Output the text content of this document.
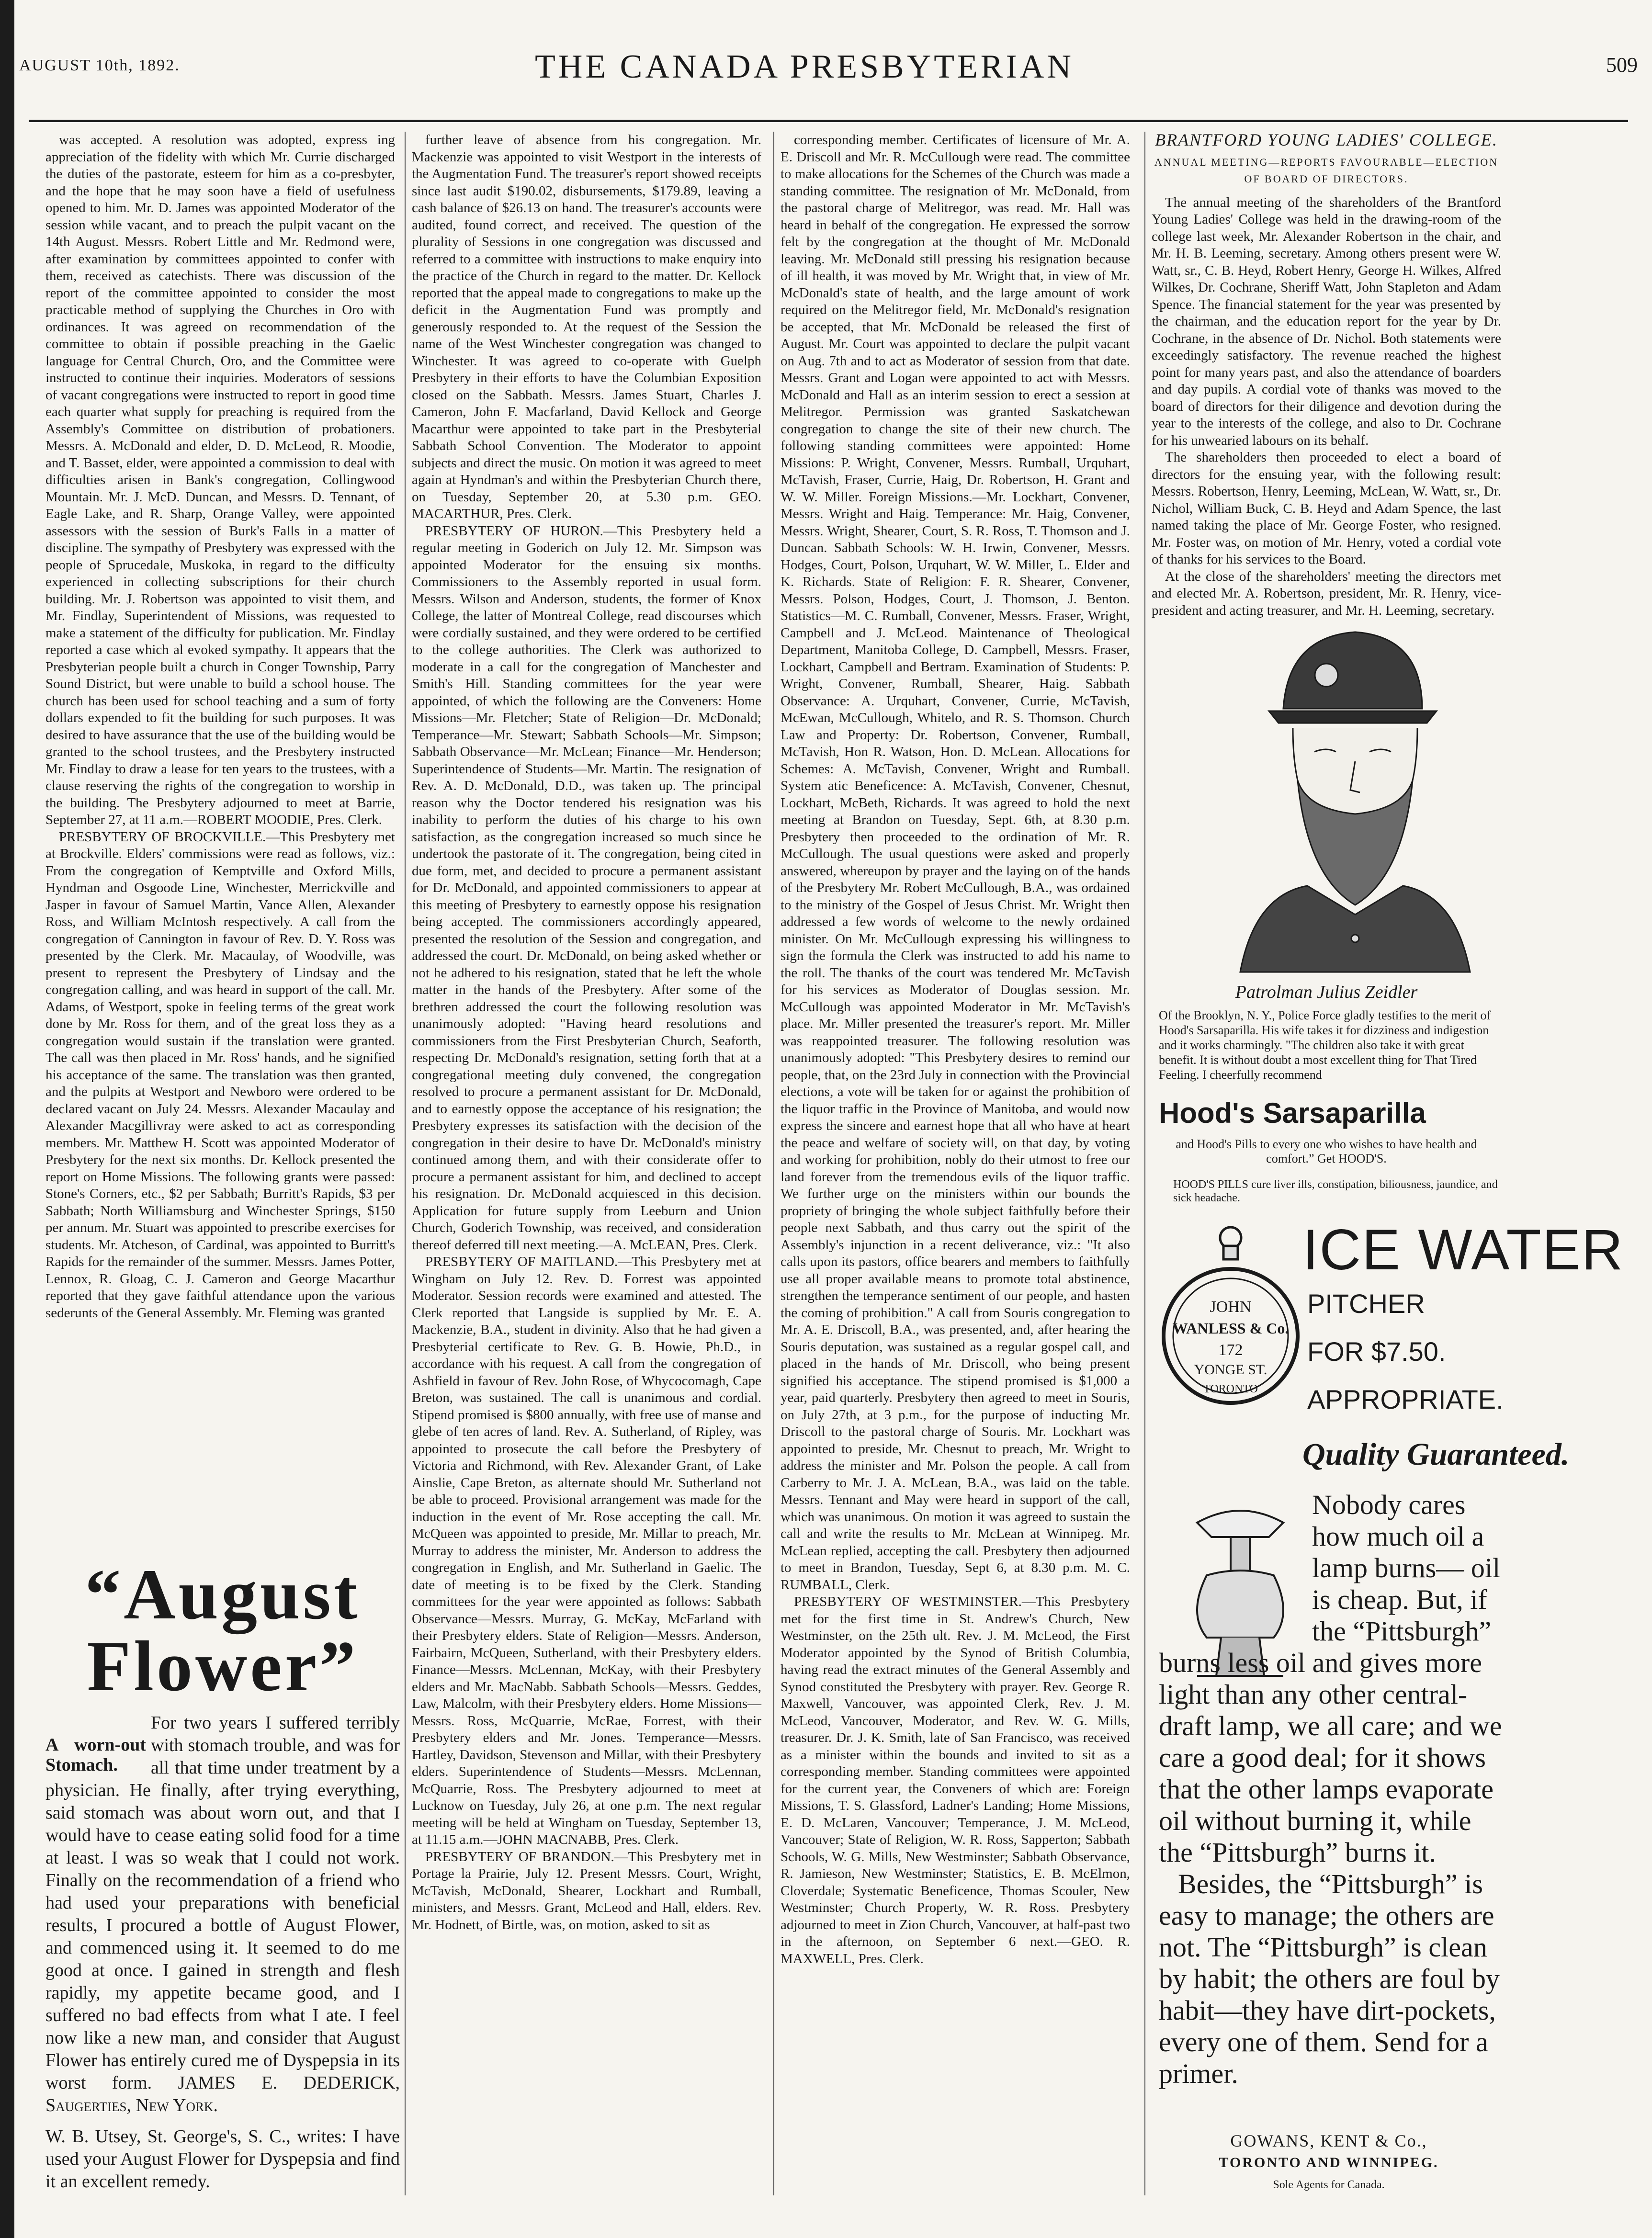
AUGUST 10th, 1892.	THE CANADA PRESBYTERIAN	509

was accepted. A resolution was adopted, express ing appreciation of the fidelity with which Mr. Currie discharged the duties of the pastorate, esteem for him as a co-presbyter, and the hope that he may soon have a field of usefulness opened to him. Mr. D. James was appointed Moderator of the session while vacant, and to preach the pulpit vacant on the 14th August. Messrs. Robert Little and Mr. Redmond were, after examination by committees appointed to confer with them, received as catechists. There was discussion of the report of the committee appointed to consider the most practicable method of supplying the Churches in Oro with ordinances. It was agreed on recommendation of the committee to obtain if possible preaching in the Gaelic language for Central Church, Oro, and the Committee were instructed to continue their inquiries. Moderators of sessions of vacant congregations were instructed to report in good time each quarter what supply for preaching is required from the Assembly's Committee on distribution of probationers. Messrs. A. McDonald and elder, D. D. McLeod, R. Moodie, and T. Basset, elder, were appointed a commission to deal with difficulties arisen in Bank's congregation, Collingwood Mountain. Mr. J. McD. Duncan, and Messrs. D. Tennant, of Eagle Lake, and R. Sharp, Orange Valley, were appointed assessors with the session of Burk's Falls in a matter of discipline. The sympathy of Presbytery was expressed with the people of Sprucedale, Muskoka, in regard to the difficulty experienced in collecting subscriptions for their church building. Mr. J. Robertson was appointed to visit them, and Mr. Findlay, Superintendent of Missions, was requested to make a statement of the difficulty for publication. Mr. Findlay reported a case which al evoked sympathy. It appears that the Presbyterian people built a church in Conger Township, Parry Sound District, but were unable to build a school house. The church has been used for school teaching and a sum of forty dollars expended to fit the building for such purposes. It was desired to have assurance that the use of the building would be granted to the school trustees, and the Presbytery instructed Mr. Findlay to draw a lease for ten years to the trustees, with a clause reserving the rights of the congregation to worship in the building. The Presbytery adjourned to meet at Barrie, September 27, at 11 a.m.—ROBERT MOODIE, Pres. Clerk.

PRESBYTERY OF BROCKVILLE.—This Presbytery met at Brockville. Elders' commissions were read as follows, viz.: From the congregation of Kemptville and Oxford Mills, Hyndman and Osgoode Line, Winchester, Merrickville and Jasper in favour of Samuel Martin, Vance Allen, Alexander Ross, and William McIntosh respectively. A call from the congregation of Cannington in favour of Rev. D. Y. Ross was presented by the Clerk. Mr. Macaulay, of Woodville, was present to represent the Presbytery of Lindsay and the congregation calling, and was heard in support of the call. Mr. Adams, of Westport, spoke in feeling terms of the great work done by Mr. Ross for them, and of the great loss they as a congregation would sustain if the translation were granted. The call was then placed in Mr. Ross' hands, and he signified his acceptance of the same. The translation was then granted, and the pulpits at Westport and Newboro were ordered to be declared vacant on July 24. Messrs. Alexander Macaulay and Alexander Macgillivray were asked to act as corresponding members. Mr. Matthew H. Scott was appointed Moderator of Presbytery for the next six months. Dr. Kellock presented the report on Home Missions. The following grants were passed: Stone's Corners, etc., $2 per Sabbath; Burritt's Rapids, $3 per Sabbath; North Williamsburg and Winchester Springs, $150 per annum. Mr. Stuart was appointed to prescribe exercises for students. Mr. Atcheson, of Cardinal, was appointed to Burritt's Rapids for the remainder of the summer. Messrs. James Potter, Lennox, R. Gloag, C. J. Cameron and George Macarthur reported that they gave faithful attendance upon the various sederunts of the General Assembly. Mr. Fleming was granted

“August
Flower”
A worn-out Stomach.
For two years I suffered terribly with stomach trouble, and was for all that time under treatment by a physician. He finally, after trying everything, said stomach was about worn out, and that I would have to cease eating solid food for a time at least. I was so weak that I could not work. Finally on the recommendation of a friend who had used your preparations with beneficial results, I procured a bottle of August Flower, and commenced using it. It seemed to do me good at once. I gained in strength and flesh rapidly, my appetite became good, and I suffered no bad effects from what I ate. I feel now like a new man, and consider that August Flower has entirely cured me of Dyspepsia in its worst form. JAMES E. DEDERICK, Saugerties, New York.
W. B. Utsey, St. George's, S. C., writes: I have used your August Flower for Dyspepsia and find it an excellent remedy.

further leave of absence from his congregation. Mr. Mackenzie was appointed to visit Westport in the interests of the Augmentation Fund. The treasurer's report showed receipts since last audit $190.02, disbursements, $179.89, leaving a cash balance of $26.13 on hand. The treasurer's accounts were audited, found correct, and received. The question of the plurality of Sessions in one congregation was discussed and referred to a committee with instructions to make enquiry into the practice of the Church in regard to the matter. Dr. Kellock reported that the appeal made to congregations to make up the deficit in the Augmentation Fund was promptly and generously responded to. At the request of the Session the name of the West Winchester congregation was changed to Winchester. It was agreed to co-operate with Guelph Presbytery in their efforts to have the Columbian Exposition closed on the Sabbath. Messrs. James Stuart, Charles J. Cameron, John F. Macfarland, David Kellock and George Macarthur were appointed to take part in the Presbyterial Sabbath School Convention. The Moderator to appoint subjects and direct the music. On motion it was agreed to meet again at Hyndman's and within the Presbyterian Church there, on Tuesday, September 20, at 5.30 p.m. GEO. MACARTHUR, Pres. Clerk.

PRESBYTERY OF HURON.—This Presbytery held a regular meeting in Goderich on July 12. Mr. Simpson was appointed Moderator for the ensuing six months. Commissioners to the Assembly reported in usual form. Messrs. Wilson and Anderson, students, the former of Knox College, the latter of Montreal College, read discourses which were cordially sustained, and they were ordered to be certified to the college authorities. The Clerk was authorized to moderate in a call for the congregation of Manchester and Smith's Hill. Standing committees for the year were appointed, of which the following are the Conveners: Home Missions—Mr. Fletcher; State of Religion—Dr. McDonald; Temperance—Mr. Stewart; Sabbath Schools—Mr. Simpson; Sabbath Observance—Mr. McLean; Finance—Mr. Henderson; Superintendence of Students—Mr. Martin. The resignation of Rev. A. D. McDonald, D.D., was taken up. The principal reason why the Doctor tendered his resignation was his inability to perform the duties of his charge to his own satisfaction, as the congregation increased so much since he undertook the pastorate of it. The congregation, being cited in due form, met, and decided to procure a permanent assistant for Dr. McDonald, and appointed commissioners to appear at this meeting of Presbytery to earnestly oppose his resignation being accepted. The commissioners accordingly appeared, presented the resolution of the Session and congregation, and addressed the court. Dr. McDonald, on being asked whether or not he adhered to his resignation, stated that he left the whole matter in the hands of the Presbytery. After some of the brethren addressed the court the following resolution was unanimously adopted: "Having heard resolutions and commissioners from the First Presbyterian Church, Seaforth, respecting Dr. McDonald's resignation, setting forth that at a congregational meeting duly convened, the congregation resolved to procure a permanent assistant for Dr. McDonald, and to earnestly oppose the acceptance of his resignation; the Presbytery expresses its satisfaction with the decision of the congregation in their desire to have Dr. McDonald's ministry continued among them, and with their considerate offer to procure a permanent assistant for him, and declined to accept his resignation. Dr. McDonald acquiesced in this decision. Application for future supply from Leeburn and Union Church, Goderich Township, was received, and consideration thereof deferred till next meeting.—A. McLEAN, Pres. Clerk.

PRESBYTERY OF MAITLAND.—This Presbytery met at Wingham on July 12. Rev. D. Forrest was appointed Moderator. Session records were examined and attested. The Clerk reported that Langside is supplied by Mr. E. A. Mackenzie, B.A., student in divinity. Also that he had given a Presbyterial certificate to Rev. G. B. Howie, Ph.D., in accordance with his request. A call from the congregation of Ashfield in favour of Rev. John Rose, of Whycocomagh, Cape Breton, was sustained. The call is unanimous and cordial. Stipend promised is $800 annually, with free use of manse and glebe of ten acres of land. Rev. A. Sutherland, of Ripley, was appointed to prosecute the call before the Presbytery of Victoria and Richmond, with Rev. Alexander Grant, of Lake Ainslie, Cape Breton, as alternate should Mr. Sutherland not be able to proceed. Provisional arrangement was made for the induction in the event of Mr. Rose accepting the call. Mr. McQueen was appointed to preside, Mr. Millar to preach, Mr. Murray to address the minister, Mr. Anderson to address the congregation in English, and Mr. Sutherland in Gaelic. The date of meeting is to be fixed by the Clerk. Standing committees for the year were appointed as follows: Sabbath Observance—Messrs. Murray, G. McKay, McFarland with their Presbytery elders. State of Religion—Messrs. Anderson, Fairbairn, McQueen, Sutherland, with their Presbytery elders. Finance—Messrs. McLennan, McKay, with their Presbytery elders and Mr. MacNabb. Sabbath Schools—Messrs. Geddes, Law, Malcolm, with their Presbytery elders. Home Missions—Messrs. Ross, McQuarrie, McRae, Forrest, with their Presbytery elders and Mr. Jones. Temperance—Messrs. Hartley, Davidson, Stevenson and Millar, with their Presbytery elders. Superintendence of Students—Messrs. McLennan, McQuarrie, Ross. The Presbytery adjourned to meet at Lucknow on Tuesday, July 26, at one p.m. The next regular meeting will be held at Wingham on Tuesday, September 13, at 11.15 a.m.—JOHN MACNABB, Pres. Clerk.

PRESBYTERY OF BRANDON.—This Presbytery met in Portage la Prairie, July 12. Present Messrs. Court, Wright, McTavish, McDonald, Shearer, Lockhart and Rumball, ministers, and Messrs. Grant, McLeod and Hall, elders. Rev. Mr. Hodnett, of Birtle, was, on motion, asked to sit as

corresponding member. Certificates of licensure of Mr. A. E. Driscoll and Mr. R. McCullough were read. The committee to make allocations for the Schemes of the Church was made a standing committee. The resignation of Mr. McDonald, from the pastoral charge of Melitregor, was read. Mr. Hall was heard in behalf of the congregation. He expressed the sorrow felt by the congregation at the thought of Mr. McDonald leaving. Mr. McDonald still pressing his resignation because of ill health, it was moved by Mr. Wright that, in view of Mr. McDonald's state of health, and the large amount of work required on the Melitregor field, Mr. McDonald's resignation be accepted, that Mr. McDonald be released the first of August. Mr. Court was appointed to declare the pulpit vacant on Aug. 7th and to act as Moderator of session from that date. Messrs. Grant and Logan were appointed to act with Messrs. McDonald and Hall as an interim session to erect a session at Melitregor. Permission was granted Saskatchewan congregation to change the site of their new church. The following standing committees were appointed: Home Missions: P. Wright, Convener, Messrs. Rumball, Urquhart, McTavish, Fraser, Currie, Haig, Dr. Robertson, H. Grant and W. W. Miller. Foreign Missions.—Mr. Lockhart, Convener, Messrs. Wright and Haig. Temperance: Mr. Haig, Convener, Messrs. Wright, Shearer, Court, S. R. Ross, T. Thomson and J. Duncan. Sabbath Schools: W. H. Irwin, Convener, Messrs. Hodges, Court, Polson, Urquhart, W. W. Miller, L. Elder and K. Richards. State of Religion: F. R. Shearer, Convener, Messrs. Polson, Hodges, Court, J. Thomson, J. Benton. Statistics—M. C. Rumball, Convener, Messrs. Fraser, Wright, Campbell and J. McLeod. Maintenance of Theological Department, Manitoba College, D. Campbell, Messrs. Fraser, Lockhart, Campbell and Bertram. Examination of Students: P. Wright, Convener, Rumball, Shearer, Haig. Sabbath Observance: A. Urquhart, Convener, Currie, McTavish, McEwan, McCullough, Whitelo, and R. S. Thomson. Church Law and Property: Dr. Robertson, Convener, Rumball, McTavish, Hon R. Watson, Hon. D. McLean. Allocations for Schemes: A. McTavish, Convener, Wright and Rumball. System atic Beneficence: A. McTavish, Convener, Chesnut, Lockhart, McBeth, Richards. It was agreed to hold the next meeting at Brandon on Tuesday, Sept. 6th, at 8.30 p.m. Presbytery then proceeded to the ordination of Mr. R. McCullough. The usual questions were asked and properly answered, whereupon by prayer and the laying on of the hands of the Presbytery Mr. Robert McCullough, B.A., was ordained to the ministry of the Gospel of Jesus Christ. Mr. Wright then addressed a few words of welcome to the newly ordained minister. On Mr. McCullough expressing his willingness to sign the formula the Clerk was instructed to add his name to the roll. The thanks of the court was tendered Mr. McTavish for his services as Moderator of Douglas session. Mr. McCullough was appointed Moderator in Mr. McTavish's place. Mr. Miller presented the treasurer's report. Mr. Miller was reappointed treasurer. The following resolution was unanimously adopted: "This Presbytery desires to remind our people, that, on the 23rd July in connection with the Provincial elections, a vote will be taken for or against the prohibition of the liquor traffic in the Province of Manitoba, and would now express the sincere and earnest hope that all who have at heart the peace and welfare of society will, on that day, by voting and working for prohibition, nobly do their utmost to free our land forever from the tremendous evils of the liquor traffic. We further urge on the ministers within our bounds the propriety of bringing the whole subject faithfully before their people next Sabbath, and thus carry out the spirit of the Assembly's injunction in a recent deliverance, viz.: "It also calls upon its pastors, office bearers and members to faithfully use all proper available means to promote total abstinence, strengthen the temperance sentiment of our people, and hasten the coming of prohibition." A call from Souris congregation to Mr. A. E. Driscoll, B.A., was presented, and, after hearing the Souris deputation, was sustained as a regular gospel call, and placed in the hands of Mr. Driscoll, who being present signified his acceptance. The stipend promised is $1,000 a year, paid quarterly. Presbytery then agreed to meet in Souris, on July 27th, at 3 p.m., for the purpose of inducting Mr. Driscoll to the pastoral charge of Souris. Mr. Lockhart was appointed to preside, Mr. Chesnut to preach, Mr. Wright to address the minister and Mr. Polson the people. A call from Carberry to Mr. J. A. McLean, B.A., was laid on the table. Messrs. Tennant and May were heard in support of the call, which was unanimous. On motion it was agreed to sustain the call and write the results to Mr. McLean at Winnipeg. Mr. McLean replied, accepting the call. Presbytery then adjourned to meet in Brandon, Tuesday, Sept 6, at 8.30 p.m. M. C. RUMBALL, Clerk.

PRESBYTERY OF WESTMINSTER.—This Presbytery met for the first time in St. Andrew's Church, New Westminster, on the 25th ult. Rev. J. M. McLeod, the First Moderator appointed by the Synod of British Columbia, having read the extract minutes of the General Assembly and Synod constituted the Presbytery with prayer. Rev. George R. Maxwell, Vancouver, was appointed Clerk, Rev. J. M. McLeod, Vancouver, Moderator, and Rev. W. G. Mills, treasurer. Dr. J. K. Smith, late of San Francisco, was received as a minister within the bounds and invited to sit as a corresponding member. Standing committees were appointed for the current year, the Conveners of which are: Foreign Missions, T. S. Glassford, Ladner's Landing; Home Missions, E. D. McLaren, Vancouver; Temperance, J. M. McLeod, Vancouver; State of Religion, W. R. Ross, Sapperton; Sabbath Schools, W. G. Mills, New Westminster; Sabbath Observance, R. Jamieson, New Westminster; Statistics, E. B. McElmon, Cloverdale; Systematic Beneficence, Thomas Scouler, New Westminster; Church Property, W. R. Ross. Presbytery adjourned to meet in Zion Church, Vancouver, at half-past two in the afternoon, on September 6 next.—GEO. R. MAXWELL, Pres. Clerk.

BRANTFORD YOUNG LADIES' COLLEGE.
ANNUAL MEETING—REPORTS FAVOURABLE—ELECTION OF BOARD OF DIRECTORS.

The annual meeting of the shareholders of the Brantford Young Ladies' College was held in the drawing-room of the college last week, Mr. Alexander Robertson in the chair, and Mr. H. B. Leeming, secretary. Among others present were W. Watt, sr., C. B. Heyd, Robert Henry, George H. Wilkes, Alfred Wilkes, Dr. Cochrane, Sheriff Watt, John Stapleton and Adam Spence. The financial statement for the year was presented by the chairman, and the education report for the year by Dr. Cochrane, in the absence of Dr. Nichol. Both statements were exceedingly satisfactory. The revenue reached the highest point for many years past, and also the attendance of boarders and day pupils. A cordial vote of thanks was moved to the board of directors for their diligence and devotion during the year to the interests of the college, and also to Dr. Cochrane for his unwearied labours on its behalf.

The shareholders then proceeded to elect a board of directors for the ensuing year, with the following result: Messrs. Robertson, Henry, Leeming, McLean, W. Watt, sr., Dr. Nichol, William Buck, C. B. Heyd and Adam Spence, the last named taking the place of Mr. George Foster, who resigned. Mr. Foster was, on motion of Mr. Henry, voted a cordial vote of thanks for his services to the Board.

At the close of the shareholders' meeting the directors met and elected Mr. A. Robertson, president, Mr. R. Henry, vice-president and acting treasurer, and Mr. H. Leeming, secretary.

Patrolman Julius Zeidler
Of the Brooklyn, N. Y., Police Force gladly testifies to the merit of Hood's Sarsaparilla. His wife takes it for dizziness and indigestion and it works charmingly. "The children also take it with great benefit. It is without doubt a most excellent thing for That Tired Feeling. I cheerfully recommend
Hood's Sarsaparilla
and Hood's Pills to every one who wishes to have health and comfort.” Get HOOD'S.
HOOD'S PILLS cure liver ills, constipation, biliousness, jaundice, and sick headache.
JOHN
WANLESS & Co.
172
YONGE ST.
TORONTO
ICE WATER
PITCHER
FOR $7.50.
APPROPRIATE.
Quality Guaranteed.
Nobody cares how much oil a lamp burns— oil is cheap. But, if the “Pittsburgh”
burns less oil and gives more light than any other central-draft lamp, we all care; and we care a good deal; for it shows that the other lamps evaporate oil without burning it, while the “Pittsburgh” burns it.
Besides, the “Pittsburgh” is easy to manage; the others are not. The “Pittsburgh” is clean by habit; the others are foul by habit—they have dirt-pockets, every one of them. Send for a primer.
GOWANS, KENT & Co.,
TORONTO AND WINNIPEG.
Sole Agents for Canada.
